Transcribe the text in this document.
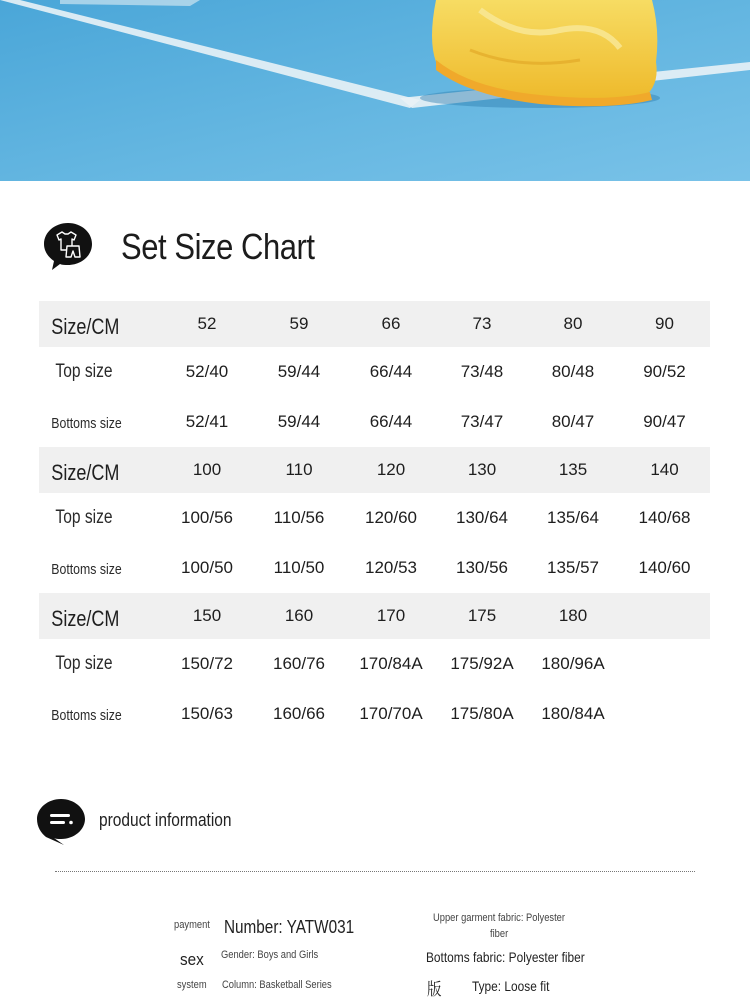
Set Size Chart
Size/CM	52	59	66	73	80	90
Top size	52/40	59/44	66/44	73/48	80/48	90/52
Bottoms size	52/41	59/44	66/44	73/47	80/47	90/47
Size/CM	100	110	120	130	135	140
Top size	100/56	110/56	120/60	130/64	135/64	140/68
Bottoms size	100/50	110/50	120/53	130/56	135/57	140/60
Size/CM	150	160	170	175	180	
Top size	150/72	160/76	170/84A	175/92A	180/96A	
Bottoms size	150/63	160/66	170/70A	175/80A	180/84A	
product information
payment Number: YATW031	Upper garment fabric: Polyester
fiber
sex Gender: Boys and Girls	Bottoms fabric: Polyester fiber
system Column: Basketball Series	版 Type: Loose fit
